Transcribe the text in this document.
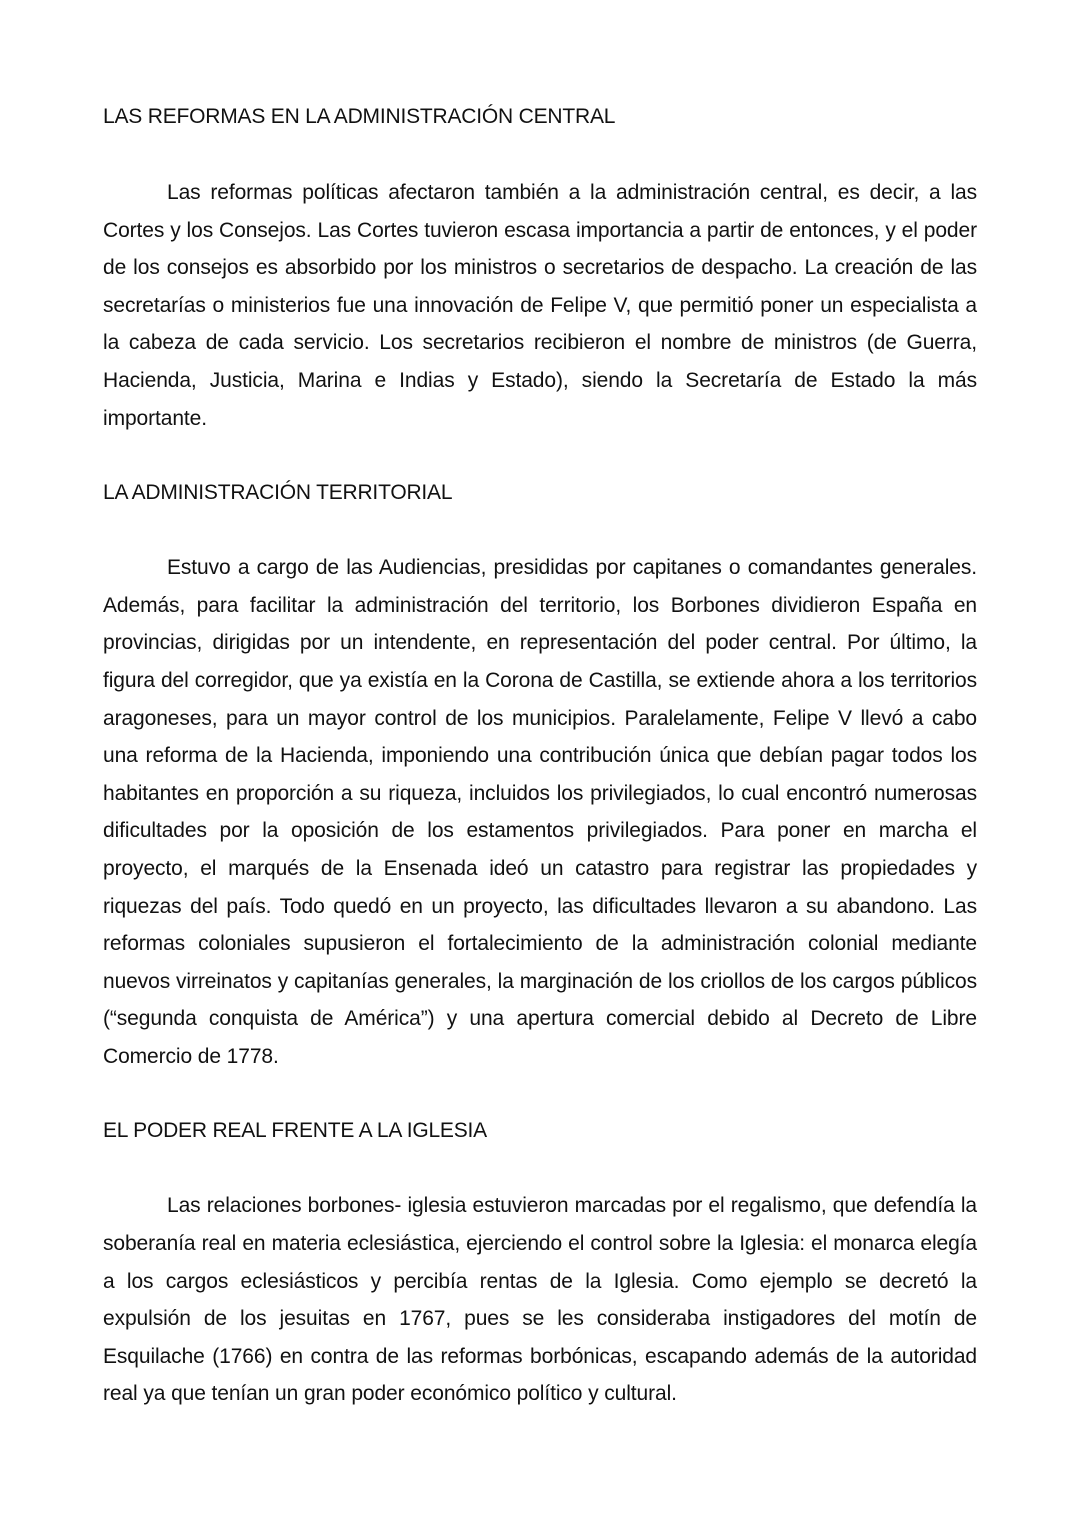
LAS REFORMAS EN LA ADMINISTRACIÓN CENTRAL

Las reformas políticas afectaron también a la administración central, es decir, a las Cortes y los Consejos. Las Cortes tuvieron escasa importancia a partir de entonces, y el poder de los consejos es absorbido por los ministros o secretarios de despacho. La creación de las secretarías o ministerios fue una innovación de Felipe V, que permitió poner un especialista a la cabeza de cada servicio. Los secretarios recibieron el nombre de ministros (de Guerra, Hacienda, Justicia, Marina e Indias y Estado), siendo la Secretaría de Estado la más importante.

LA ADMINISTRACIÓN TERRITORIAL

Estuvo a cargo de las Audiencias, presididas por capitanes o comandantes generales. Además, para facilitar la administración del territorio, los Borbones dividieron España en provincias, dirigidas por un intendente, en representación del poder central. Por último, la figura del corregidor, que ya existía en la Corona de Castilla, se extiende ahora a los territorios aragoneses, para un mayor control de los municipios. Paralelamente, Felipe V llevó a cabo una reforma de la Hacienda, imponiendo una contribución única que debían pagar todos los habitantes en proporción a su riqueza, incluidos los privilegiados, lo cual encontró numerosas dificultades por la oposición de los estamentos privilegiados. Para poner en marcha el proyecto, el marqués de la Ensenada ideó un catastro para registrar las propiedades y riquezas del país. Todo quedó en un proyecto, las dificultades llevaron a su abandono. Las reformas coloniales supusieron el fortalecimiento de la administración colonial mediante nuevos virreinatos y capitanías generales, la marginación de los criollos de los cargos públicos (“segunda conquista de América”) y una apertura comercial debido al Decreto de Libre Comercio de 1778.

EL PODER REAL FRENTE A LA IGLESIA

Las relaciones borbones- iglesia estuvieron marcadas por el regalismo, que defendía la soberanía real en materia eclesiástica, ejerciendo el control sobre la Iglesia: el monarca elegía a los cargos eclesiásticos y percibía rentas de la Iglesia. Como ejemplo se decretó la expulsión de los jesuitas en 1767, pues se les consideraba instigadores del motín de Esquilache (1766) en contra de las reformas borbónicas, escapando además de la autoridad real ya que tenían un gran poder económico político y cultural.
